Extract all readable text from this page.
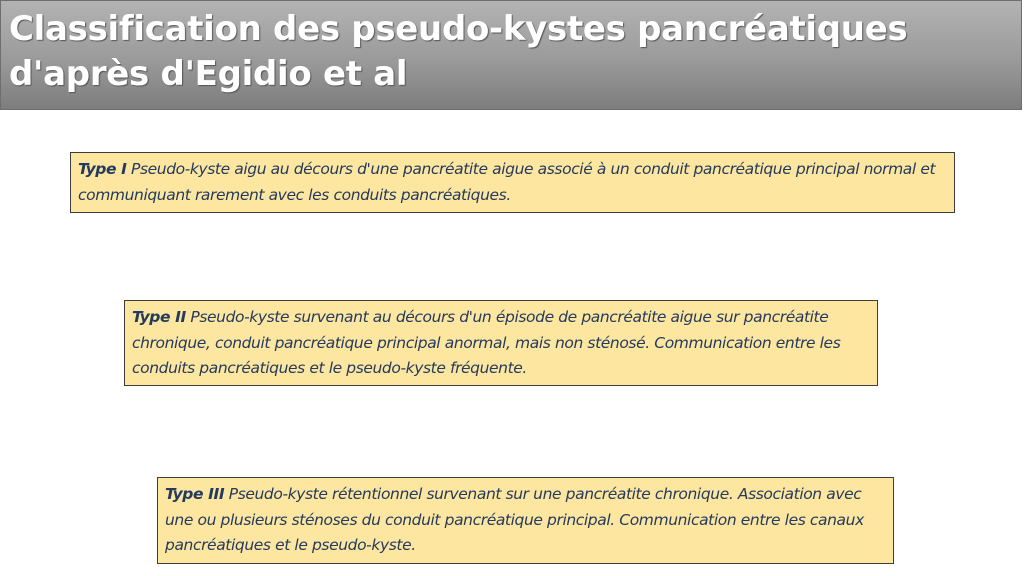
Classification des pseudo-kystes pancréatiques d'après d'Egidio et al
Type I Pseudo-kyste aigu au décours d'une pancréatite aigue associé à un conduit pancréatique principal normal et communiquant rarement avec les conduits pancréatiques.
Type II Pseudo-kyste survenant au décours d'un épisode de pancréatite aigue sur pancréatite chronique, conduit pancréatique principal anormal, mais non sténosé. Communication entre les conduits pancréatiques et le pseudo-kyste fréquente.
Type III Pseudo-kyste rétentionnel survenant sur une pancréatite chronique. Association avec une ou plusieurs sténoses du conduit pancréatique principal. Communication entre les canaux pancréatiques et le pseudo-kyste.
